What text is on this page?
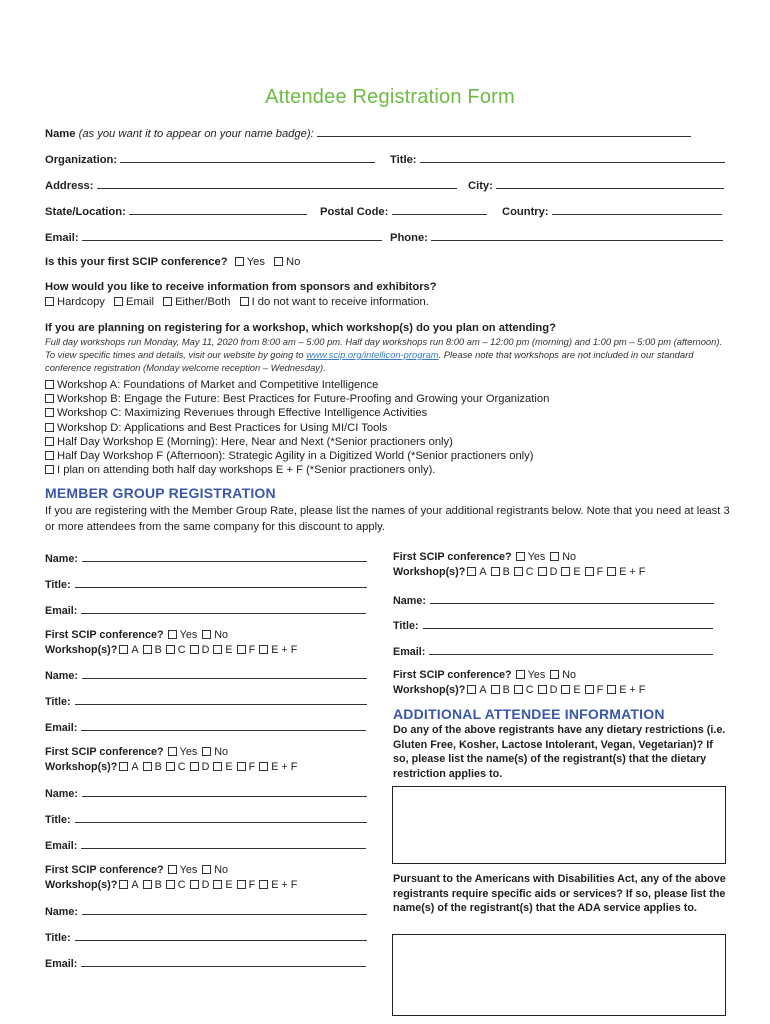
Attendee Registration Form
Name (as you want it to appear on your name badge):
Organization:	Title:
Address:	City:
State/Location:	Postal Code:	Country:
Email:	Phone:
Is this your first SCIP conference? Yes No
How would you like to receive information from sponsors and exhibitors?
Hardcopy Email Either/Both I do not want to receive information.
If you are planning on registering for a workshop, which workshop(s) do you plan on attending?
Full day workshops run Monday, May 11, 2020 from 8:00 am – 5:00 pm. Half day workshops run 8:00 am – 12:00 pm (morning) and 1:00 pm – 5:00 pm (afternoon). To view specific times and details, visit our website by going to www.scip.org/intellicon-program. Please note that workshops are not included in our standard conference registration (Monday welcome reception – Wednesday).
Workshop A: Foundations of Market and Competitive Intelligence
Workshop B: Engage the Future: Best Practices for Future-Proofing and Growing your Organization
Workshop C: Maximizing Revenues through Effective Intelligence Activities
Workshop D: Applications and Best Practices for Using MI/CI Tools
Half Day Workshop E (Morning): Here, Near and Next (*Senior practioners only)
Half Day Workshop F (Afternoon): Strategic Agility in a Digitized World (*Senior practioners only)
I plan on attending both half day workshops E + F (*Senior practioners only).
MEMBER GROUP REGISTRATION
If you are registering with the Member Group Rate, please list the names of your additional registrants below. Note that you need at least 3 or more attendees from the same company for this discount to apply.
Name:
Title:
Email:
First SCIP conference? Yes No
Workshop(s)? A B C D E F E + F
Name:
Title:
Email:
First SCIP conference? Yes No
Workshop(s)? A B C D E F E + F
Name:
Title:
Email:
First SCIP conference? Yes No
Workshop(s)? A B C D E F E + F
Name:
Title:
Email:
First SCIP conference? Yes No
Workshop(s)? A B C D E F E + F
Name:
Title:
Email:
First SCIP conference? Yes No
Workshop(s)? A B C D E F E + F
ADDITIONAL ATTENDEE INFORMATION
Do any of the above registrants have any dietary restrictions (i.e. Gluten Free, Kosher, Lactose Intolerant, Vegan, Vegetarian)? If so, please list the name(s) of the registrant(s) that the dietary restriction applies to.
Pursuant to the Americans with Disabilities Act, any of the above registrants require specific aids or services? If so, please list the name(s) of the registrant(s) that the ADA service applies to.
